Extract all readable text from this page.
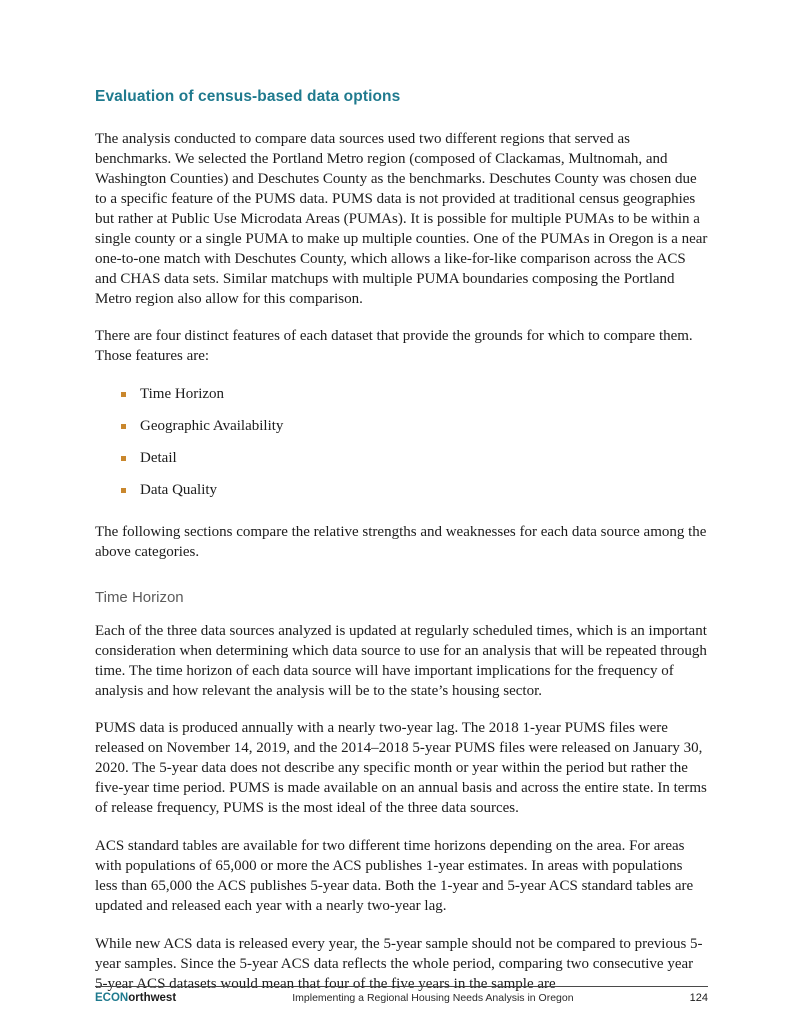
Evaluation of census-based data options

The analysis conducted to compare data sources used two different regions that served as benchmarks. We selected the Portland Metro region (composed of Clackamas, Multnomah, and Washington Counties) and Deschutes County as the benchmarks. Deschutes County was chosen due to a specific feature of the PUMS data. PUMS data is not provided at traditional census geographies but rather at Public Use Microdata Areas (PUMAs). It is possible for multiple PUMAs to be within a single county or a single PUMA to make up multiple counties. One of the PUMAs in Oregon is a near one-to-one match with Deschutes County, which allows a like-for-like comparison across the ACS and CHAS data sets. Similar matchups with multiple PUMA boundaries composing the Portland Metro region also allow for this comparison.

There are four distinct features of each dataset that provide the grounds for which to compare them. Those features are:

Time Horizon
Geographic Availability
Detail
Data Quality

The following sections compare the relative strengths and weaknesses for each data source among the above categories.

Time Horizon

Each of the three data sources analyzed is updated at regularly scheduled times, which is an important consideration when determining which data source to use for an analysis that will be repeated through time. The time horizon of each data source will have important implications for the frequency of analysis and how relevant the analysis will be to the state’s housing sector.

PUMS data is produced annually with a nearly two-year lag. The 2018 1-year PUMS files were released on November 14, 2019, and the 2014–2018 5-year PUMS files were released on January 30, 2020. The 5-year data does not describe any specific month or year within the period but rather the five-year time period. PUMS is made available on an annual basis and across the entire state. In terms of release frequency, PUMS is the most ideal of the three data sources.

ACS standard tables are available for two different time horizons depending on the area. For areas with populations of 65,000 or more the ACS publishes 1-year estimates. In areas with populations less than 65,000 the ACS publishes 5-year data. Both the 1-year and 5-year ACS standard tables are updated and released each year with a nearly two-year lag.

While new ACS data is released every year, the 5-year sample should not be compared to previous 5-year samples. Since the 5-year ACS data reflects the whole period, comparing two consecutive year 5-year ACS datasets would mean that four of the five years in the sample are

ECONorthwest	Implementing a Regional Housing Needs Analysis in Oregon	124
